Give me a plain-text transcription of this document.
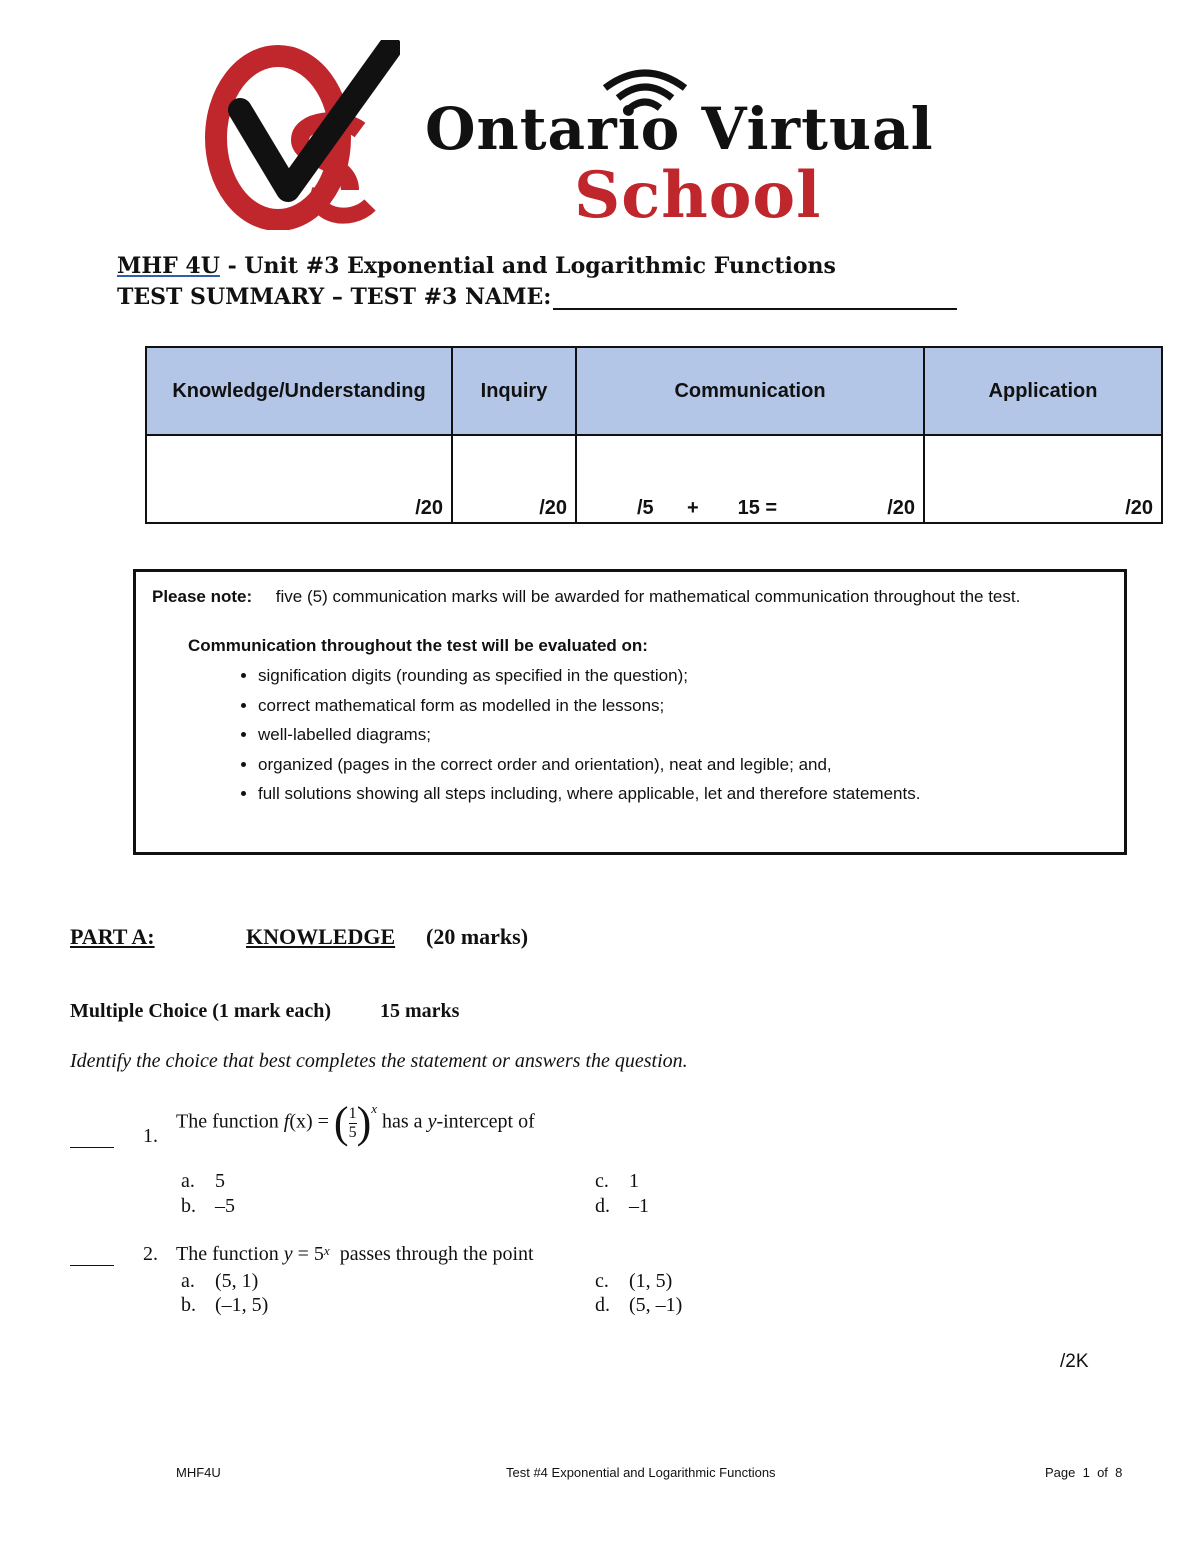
Ontario Virtual
School
MHF 4U - Unit #3 Exponential and Logarithmic Functions
TEST SUMMARY – TEST #3 NAME:
Knowledge/Understanding	Inquiry	Communication	Application
/20	/20	/5 + 15 = /20	/20

Please note: five (5) communication marks will be awarded for mathematical communication throughout the test.

Communication throughout the test will be evaluated on:

• signification digits (rounding as specified in the question);
• correct mathematical form as modelled in the lessons;
• well-labelled diagrams;
• organized (pages in the correct order and orientation), neat and legible; and,
• full solutions showing all steps including, where applicable, let and therefore statements.
PART A:	KNOWLEDGE (20 marks)
Multiple Choice (1 mark each) 15 marks
Identify the choice that best completes the statement or answers the question.
1.
The function $f(x) = (\frac{1}{5} )^x$ has a y-intercept of
a. 5	c. 1
b. –5	d. –1
2. The function $y = 5^x$ passes through the point
a. (5, 1)	c. (1, 5)
b. (–1, 5)	d. (5, –1)
/2K
MHF4U	Test #4 Exponential and Logarithmic Functions	Page 1 of 8
